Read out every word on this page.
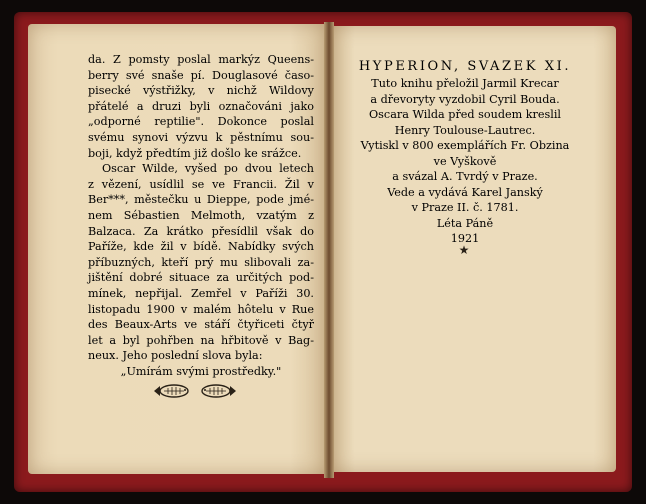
da. Z pomsty poslal markýz Queens-
berry své snaše pí. Douglasové časo-
pisecké výstřižky, v nichž Wildovy
přátelé a druzi byli označováni jako
„odporné reptilie". Dokonce poslal
svému synovi výzvu k pěstnímu sou-
boji, když předtím již došlo ke srážce.
Oscar Wilde, vyšed po dvou letech
z vězení, usídlil se ve Francii. Žil v
Ber***, městečku u Dieppe, pode jmé-
nem Sébastien Melmoth, vzatým z
Balzaca. Za krátko přesídlil však do
Paříže, kde žil v bídě. Nabídky svých
příbuzných, kteří prý mu slibovali za-
jištění dobré situace za určitých pod-
mínek, nepřijal. Zemřel v Paříži 30.
listopadu 1900 v malém hôtelu v Rue
des Beaux-Arts ve stáří čtyřiceti čtyř
let a byl pohřben na hřbitově v Bag-
neux. Jeho poslední slova byla:
„Umírám svými prostředky."
HYPERION, SVAZEK XI.
Tuto knihu přeložil Jarmil Krecar
a dřevoryty vyzdobil Cyril Bouda.
Oscara Wilda před soudem kreslil
Henry Toulouse-Lautrec.
Vytiskl v 800 exemplářích Fr. Obzina
ve Vyškově
a svázal A. Tvrdý v Praze.
Vede a vydává Karel Janský
v Praze II. č. 1781.
Léta Páně
1921
★
